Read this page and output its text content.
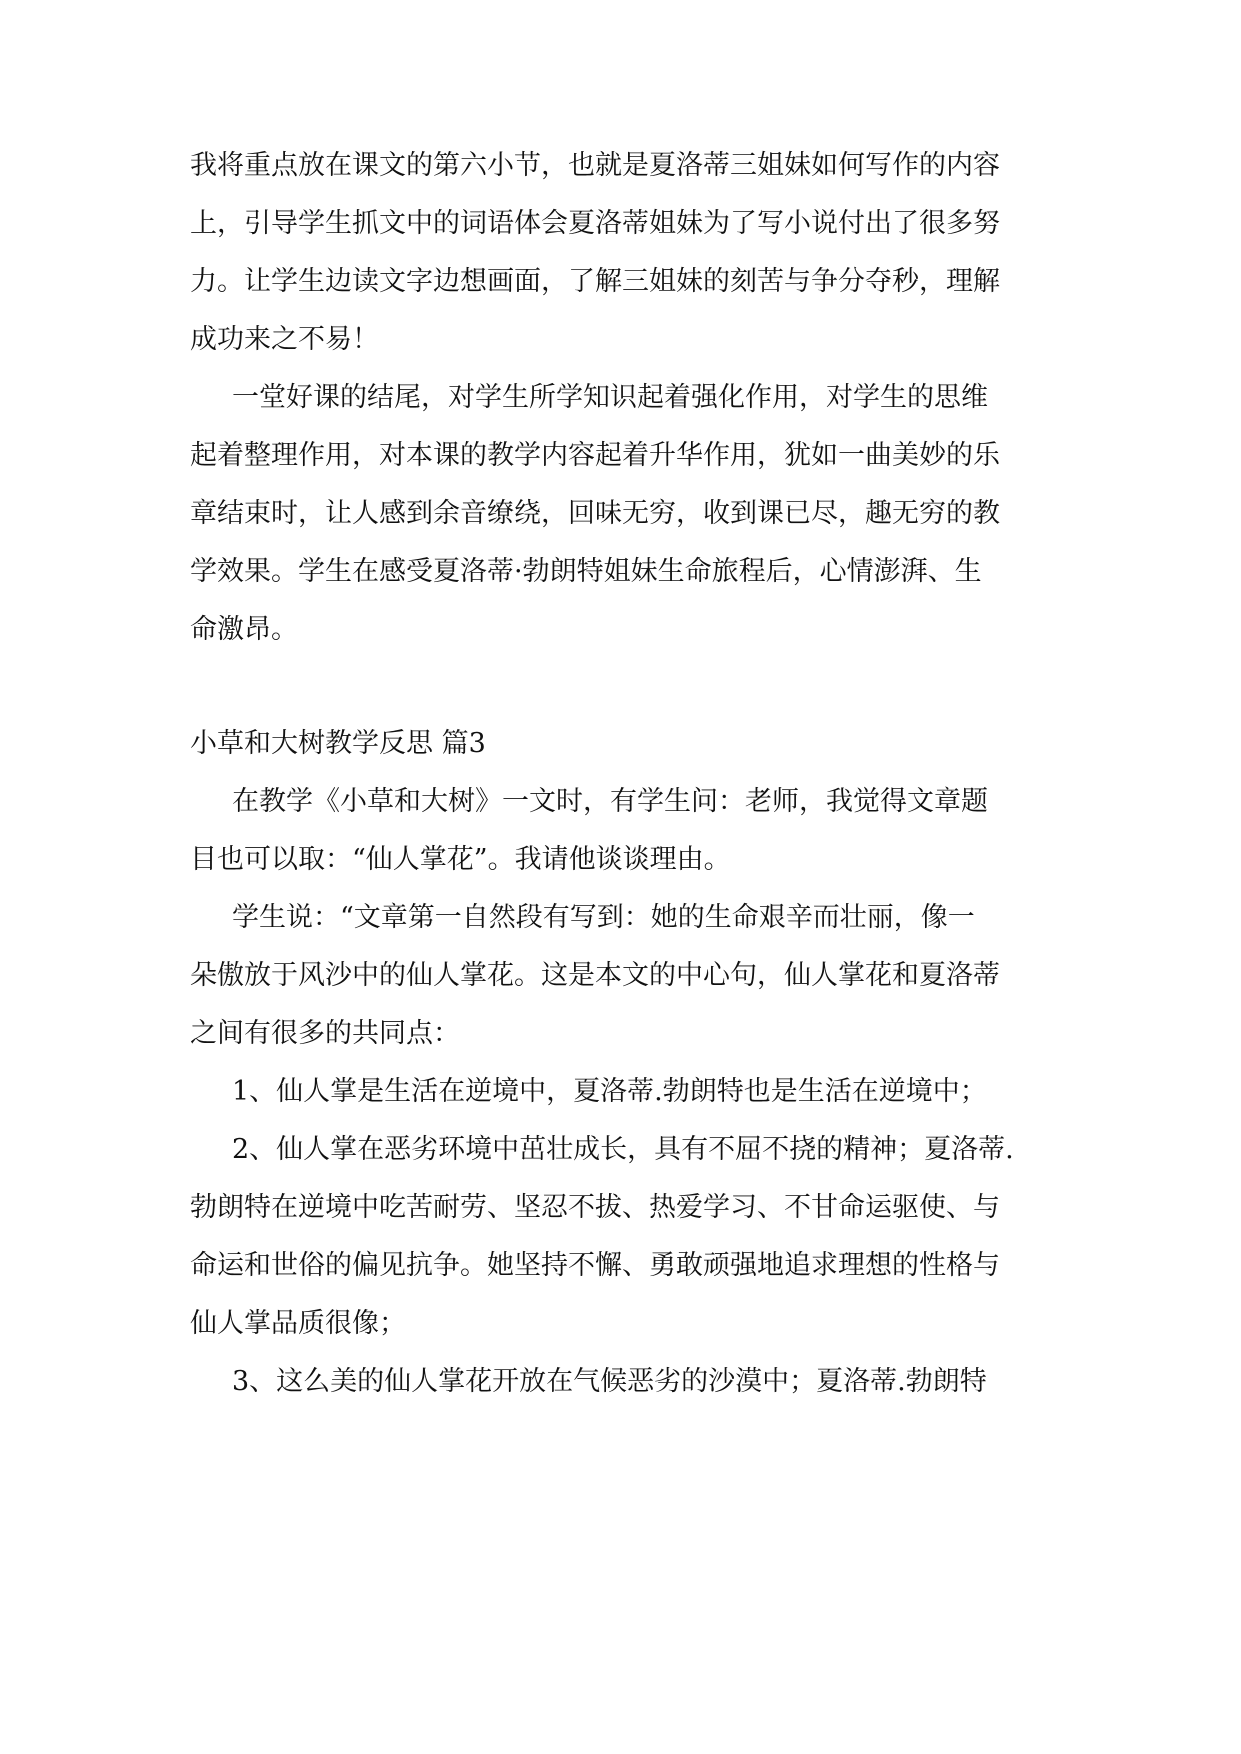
我将重点放在课文的第六小节，也就是夏洛蒂三姐妹如何写作的内容
上，引导学生抓文中的词语体会夏洛蒂姐妹为了写小说付出了很多努
力。让学生边读文字边想画面，了解三姐妹的刻苦与争分夺秒，理解
成功来之不易！
一堂好课的结尾，对学生所学知识起着强化作用，对学生的思维
起着整理作用，对本课的教学内容起着升华作用，犹如一曲美妙的乐
章结束时，让人感到余音缭绕，回味无穷，收到课已尽，趣无穷的教
学效果。学生在感受夏洛蒂·勃朗特姐妹生命旅程后，心情澎湃、生
命激昂。
小草和大树教学反思 篇3
在教学《小草和大树》一文时，有学生问：老师，我觉得文章题
目也可以取：“仙人掌花”。我请他谈谈理由。
学生说：“文章第一自然段有写到：她的生命艰辛而壮丽，像一
朵傲放于风沙中的仙人掌花。这是本文的中心句，仙人掌花和夏洛蒂
之间有很多的共同点：
1、仙人掌是生活在逆境中，夏洛蒂.勃朗特也是生活在逆境中；
2、仙人掌在恶劣环境中茁壮成长，具有不屈不挠的精神；夏洛蒂.
勃朗特在逆境中吃苦耐劳、坚忍不拔、热爱学习、不甘命运驱使、与
命运和世俗的偏见抗争。她坚持不懈、勇敢顽强地追求理想的性格与
仙人掌品质很像；
3、这么美的仙人掌花开放在气候恶劣的沙漠中；夏洛蒂.勃朗特
